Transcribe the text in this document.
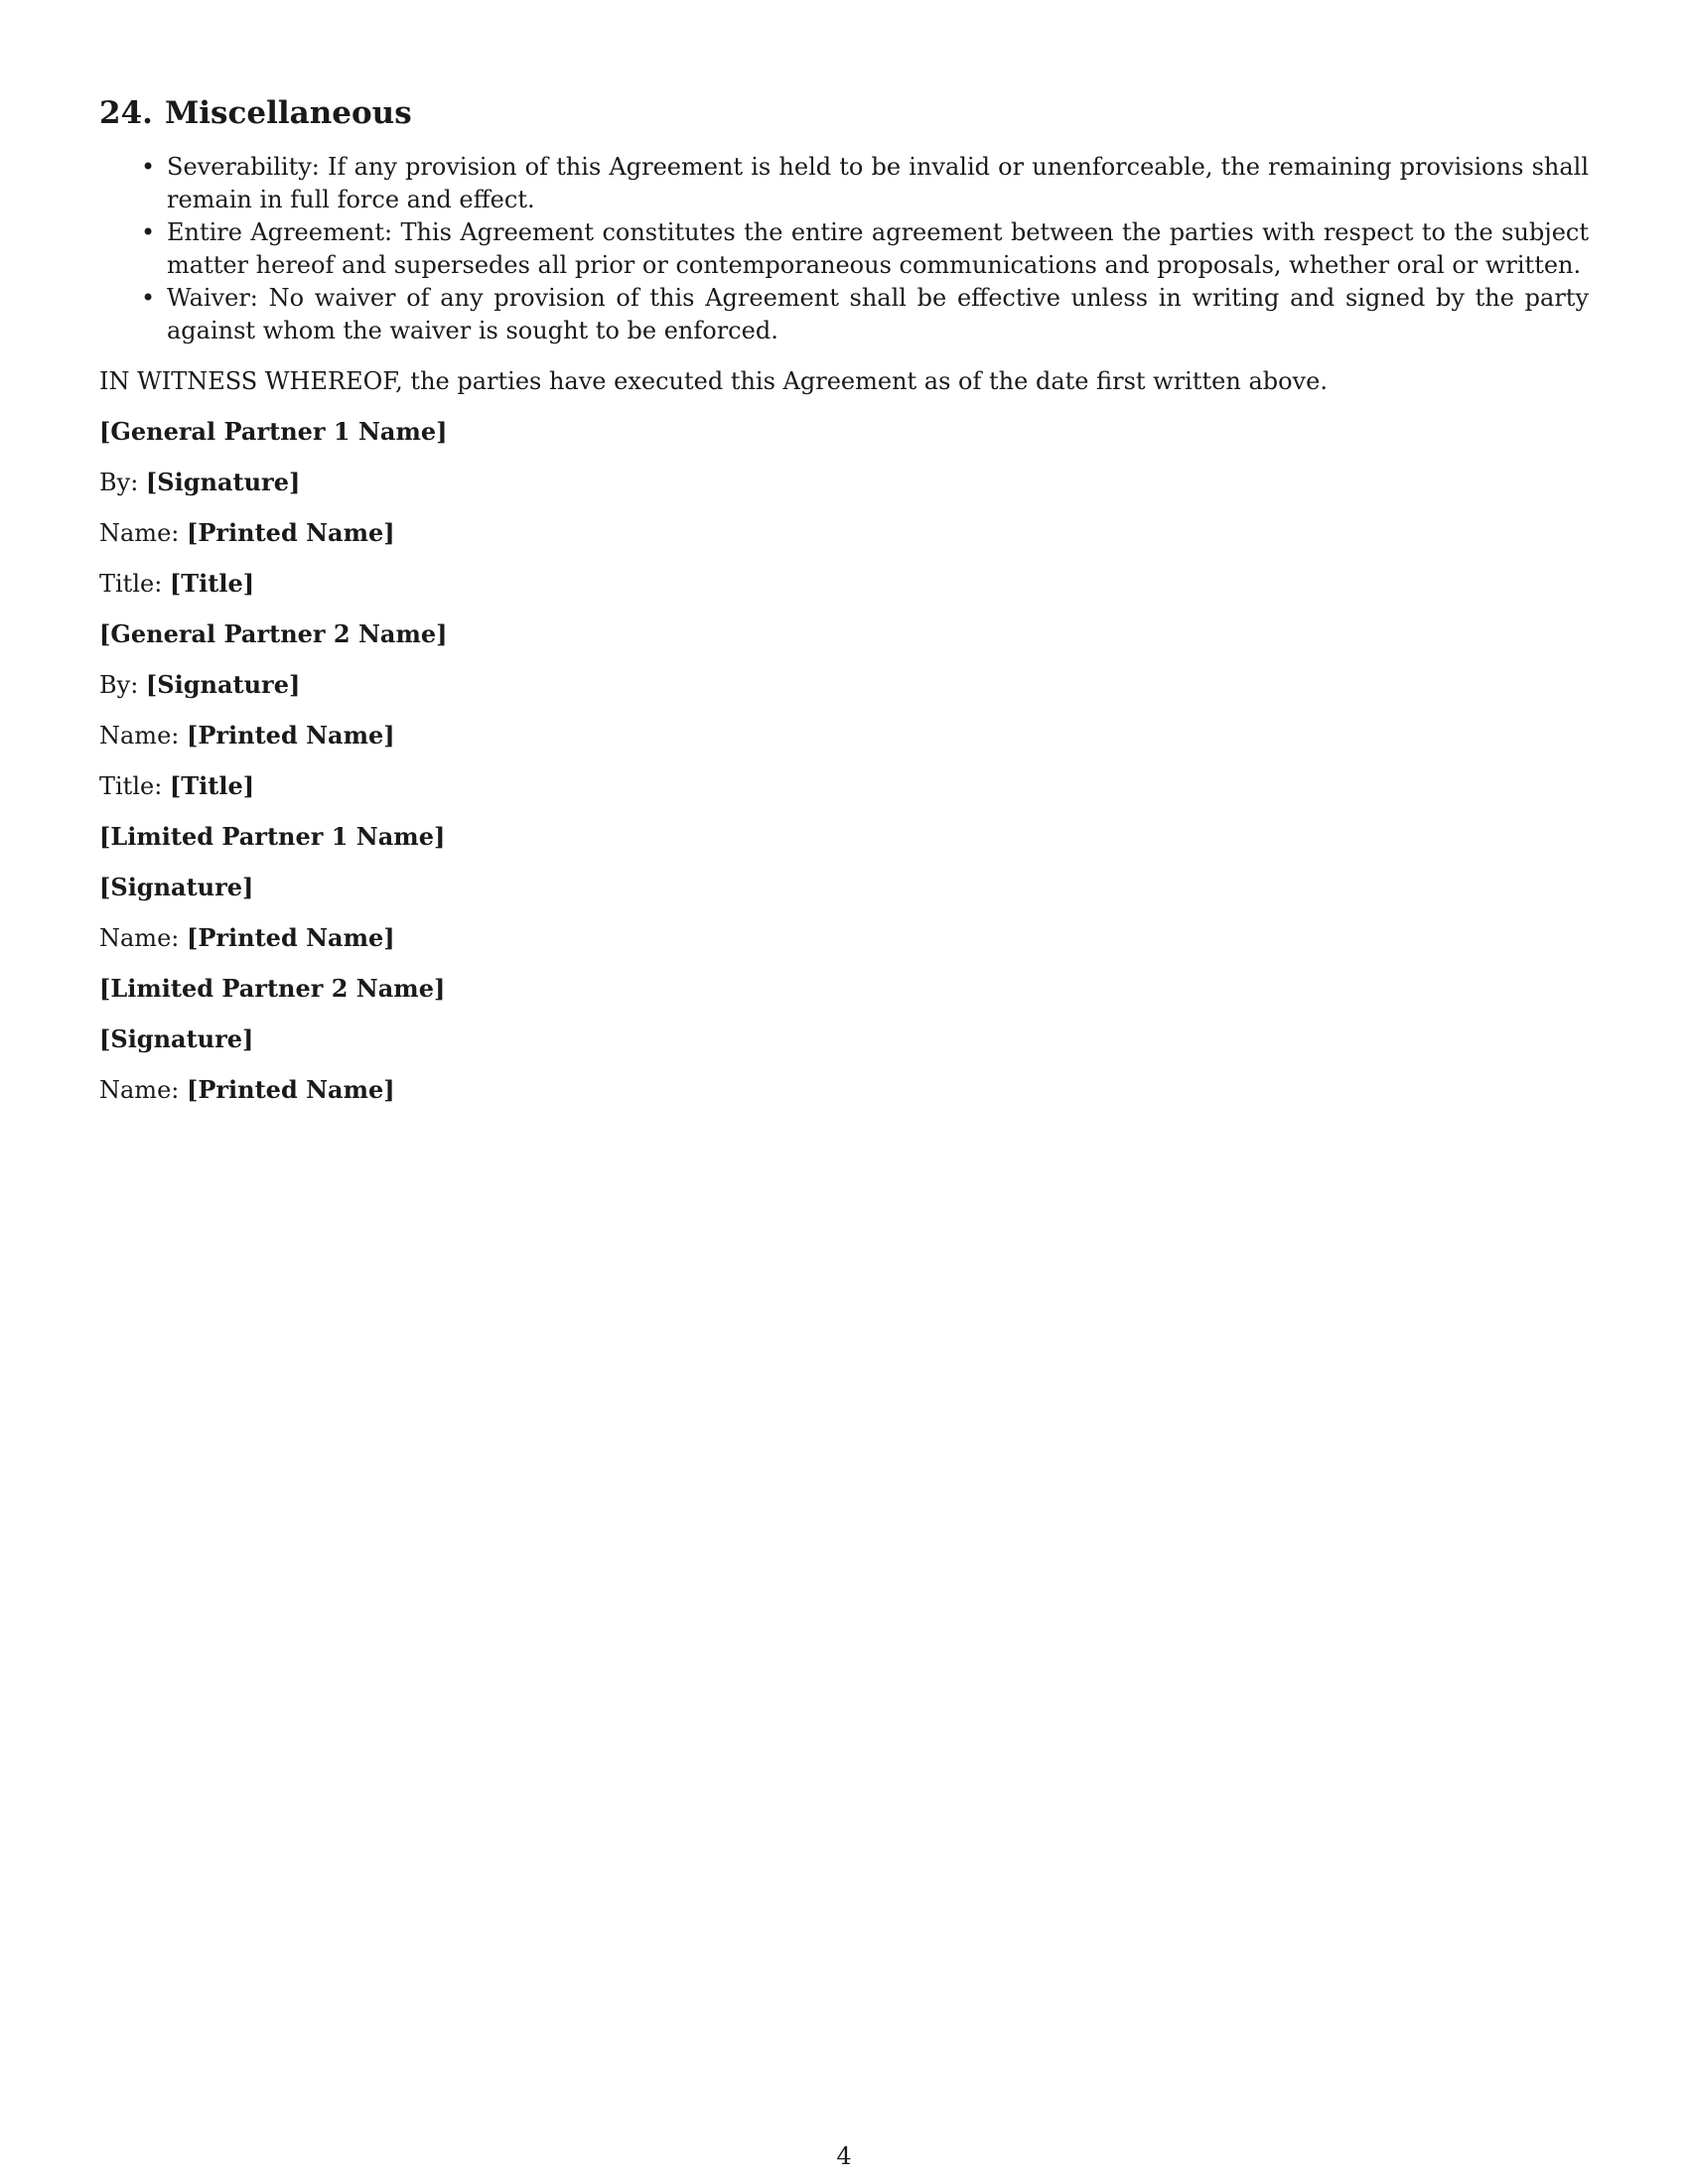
24. Miscellaneous
• Severability: If any provision of this Agreement is held to be invalid or unenforceable, the remaining provisions shall remain in full force and effect.
• Entire Agreement: This Agreement constitutes the entire agreement between the parties with respect to the subject matter hereof and supersedes all prior or contemporaneous communications and proposals, whether oral or written.
• Waiver: No waiver of any provision of this Agreement shall be effective unless in writing and signed by the party against whom the waiver is sought to be enforced.

IN WITNESS WHEREOF, the parties have executed this Agreement as of the date first written above.

[General Partner 1 Name]
By: [Signature]
Name: [Printed Name]
Title: [Title]
[General Partner 2 Name]
By: [Signature]
Name: [Printed Name]
Title: [Title]
[Limited Partner 1 Name]
[Signature]
Name: [Printed Name]
[Limited Partner 2 Name]
[Signature]
Name: [Printed Name]
4
